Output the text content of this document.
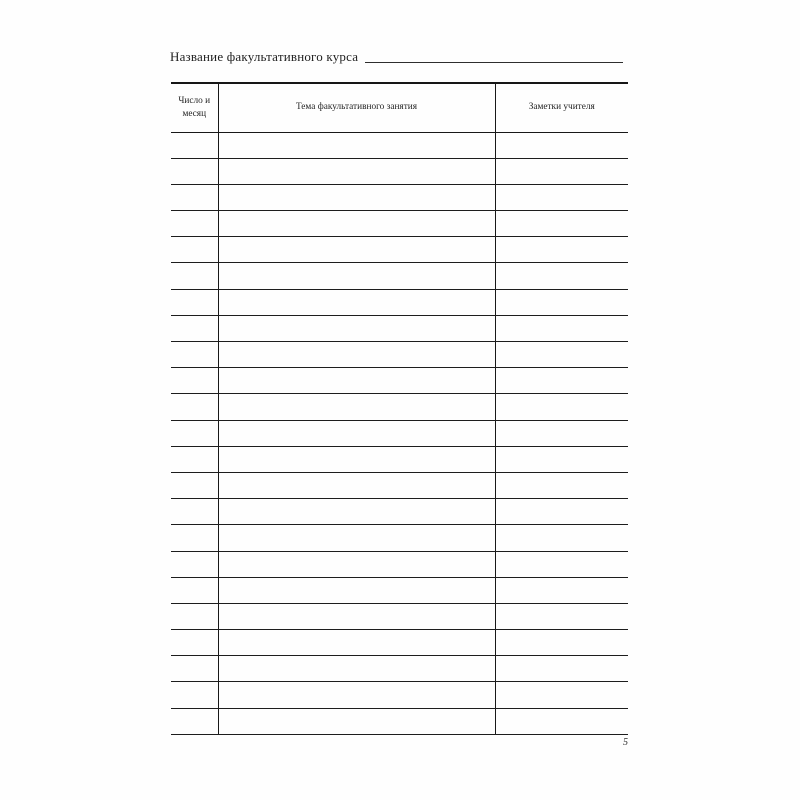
Название факультативного курса
Число и месяц	Тема факультативного занятия	Заметки учителя

5
